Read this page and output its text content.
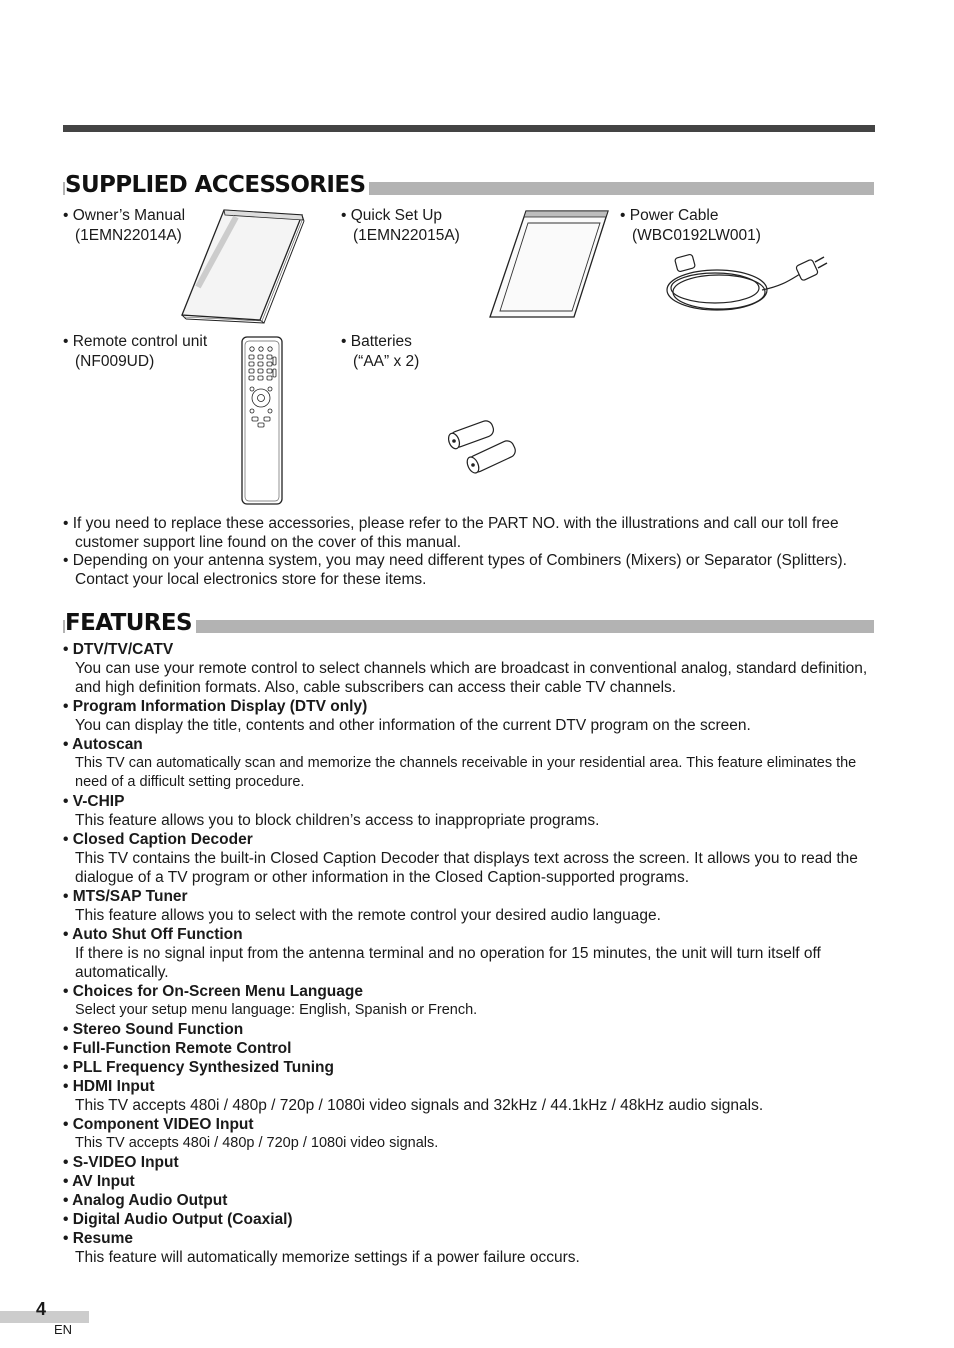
SUPPLIED ACCESSORIES
• Owner’s Manual
(1EMN22014A)
• Quick Set Up
(1EMN22015A)
• Power Cable
(WBC0192LW001)
• Remote control unit
(NF009UD)
• Batteries
(“AA” x 2)

• If you need to replace these accessories, please refer to the PART NO. with the illustrations and call our toll free customer support line found on the cover of this manual.

• Depending on your antenna system, you may need different types of Combiners (Mixers) or Separator (Splitters). Contact your local electronics store for these items.

FEATURES
• DTV/TV/CATV
You can use your remote control to select channels which are broadcast in conventional analog, standard definition, and high definition formats. Also, cable subscribers can access their cable TV channels.
• Program Information Display (DTV only)
You can display the title, contents and other information of the current DTV program on the screen.
• Autoscan
This TV can automatically scan and memorize the channels receivable in your residential area. This feature eliminates the need of a difficult setting procedure.
• V-CHIP
This feature allows you to block children’s access to inappropriate programs.
• Closed Caption Decoder
This TV contains the built-in Closed Caption Decoder that displays text across the screen. It allows you to read the dialogue of a TV program or other information in the Closed Caption-supported programs.
• MTS/SAP Tuner
This feature allows you to select with the remote control your desired audio language.
• Auto Shut Off Function
If there is no signal input from the antenna terminal and no operation for 15 minutes, the unit will turn itself off automatically.
• Choices for On-Screen Menu Language
Select your setup menu language: English, Spanish or French.
• Stereo Sound Function
• Full-Function Remote Control
• PLL Frequency Synthesized Tuning
• HDMI Input
This TV accepts 480i / 480p / 720p / 1080i video signals and 32kHz / 44.1kHz / 48kHz audio signals.
• Component VIDEO Input
This TV accepts 480i / 480p / 720p / 1080i video signals.
• S-VIDEO Input
• AV Input
• Analog Audio Output
• Digital Audio Output (Coaxial)
• Resume
This feature will automatically memorize settings if a power failure occurs.
4
EN
